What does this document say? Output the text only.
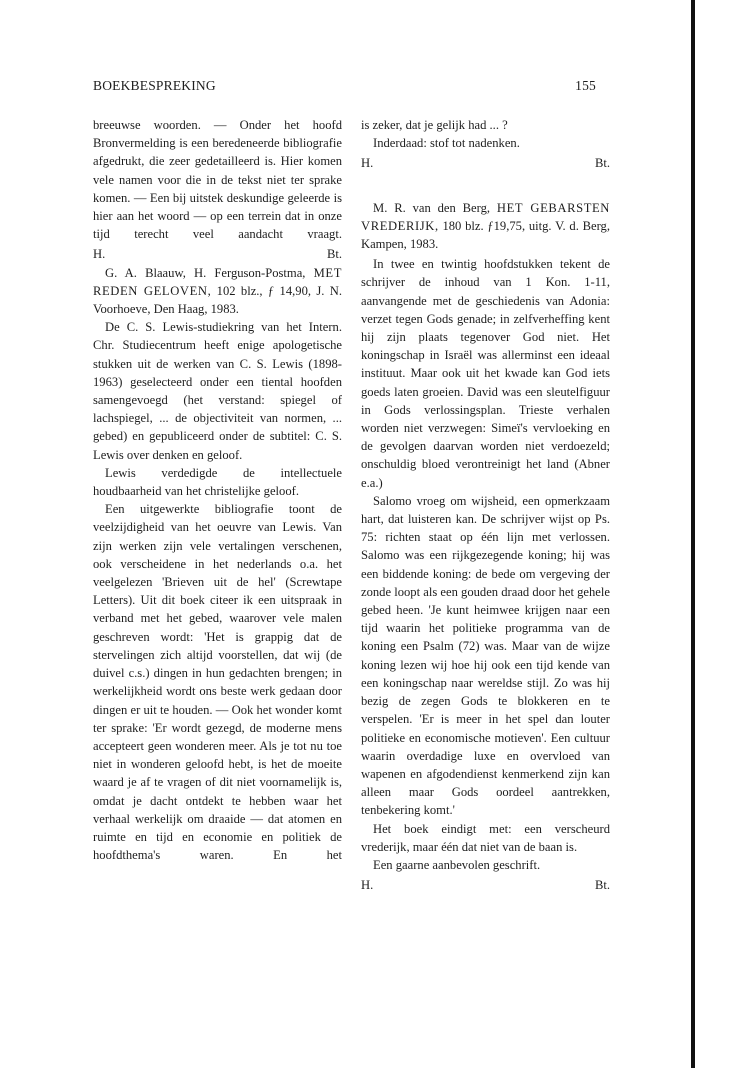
BOEKBESPREKING	155

breeuwse woorden. — Onder het hoofd Bronvermelding is een beredeneerde bibliografie afgedrukt, die zeer gedetailleerd is. Hier komen vele namen voor die in de tekst niet ter sprake komen. — Een bij uitstek deskundige geleerde is hier aan het woord — op een terrein dat in onze tijd terecht veel aandacht vraagt.

H.	Bt.

G. A. Blaauw, H. Ferguson-Postma, MET REDEN GELOVEN, 102 blz., ƒ 14,90, J. N. Voorhoeve, Den Haag, 1983.

De C. S. Lewis-studiekring van het Intern. Chr. Studiecentrum heeft enige apologetische stukken uit de werken van C. S. Lewis (1898-1963) geselecteerd onder een tiental hoofden samengevoegd (het verstand: spiegel of lachspiegel, ... de objectiviteit van normen, ... gebed) en gepubliceerd onder de subtitel: C. S. Lewis over denken en geloof.

Lewis verdedigde de intellectuele houdbaarheid van het christelijke geloof.

Een uitgewerkte bibliografie toont de veelzijdigheid van het oeuvre van Lewis. Van zijn werken zijn vele vertalingen verschenen, ook verscheidene in het nederlands o.a. het veelgelezen 'Brieven uit de hel' (Screwtape Letters). Uit dit boek citeer ik een uitspraak in verband met het gebed, waarover vele malen geschreven wordt: 'Het is grappig dat de stervelingen zich altijd voorstellen, dat wij (de duivel c.s.) dingen in hun gedachten brengen; in werkelijkheid wordt ons beste werk gedaan door dingen er uit te houden. — Ook het wonder komt ter sprake: 'Er wordt gezegd, de moderne mens accepteert geen wonderen meer. Als je tot nu toe niet in wonderen geloofd hebt, is het de moeite waard je af te vragen of dit niet voornamelijk is, omdat je dacht ontdekt te hebben waar het verhaal werkelijk om draaide — dat atomen en ruimte en tijd en economie en politiek de hoofdthema's waren. En het

is zeker, dat je gelijk had ... ?

Inderdaad: stof tot nadenken.

H.	Bt.

M. R. van den Berg, HET GEBARSTEN VREDERIJK, 180 blz. ƒ19,75, uitg. V. d. Berg, Kampen, 1983.

In twee en twintig hoofdstukken tekent de schrijver de inhoud van 1 Kon. 1-11, aanvangende met de geschiedenis van Adonia: verzet tegen Gods genade; in zelfverheffing kent hij zijn plaats tegenover God niet. Het koningschap in Israël was allerminst een ideaal instituut. Maar ook uit het kwade kan God iets goeds laten groeien. David was een sleutelfiguur in Gods verlossingsplan. Trieste verhalen worden niet verzwegen: Simeï's vervloeking en de gevolgen daarvan worden niet verdoezeld; onschuldig bloed verontreinigt het land (Abner e.a.)

Salomo vroeg om wijsheid, een opmerkzaam hart, dat luisteren kan. De schrijver wijst op Ps. 75: richten staat op één lijn met verlossen. Salomo was een rijkgezegende koning; hij was een biddende koning: de bede om vergeving der zonde loopt als een gouden draad door het gehele gebed heen. 'Je kunt heimwee krijgen naar een tijd waarin het politieke programma van de koning een Psalm (72) was. Maar van de wijze koning lezen wij hoe hij ook een tijd kende van een koningschap naar wereldse stijl. Zo was hij bezig de zegen Gods te blokkeren en te verspelen. 'Er is meer in het spel dan louter politieke en economische motieven'. Een cultuur waarin overdadige luxe en overvloed van wapenen en afgodendienst kenmerkend zijn kan alleen maar Gods oordeel aantrekken, tenbekering komt.'

Het boek eindigt met: een verscheurd vrederijk, maar één dat niet van de baan is.

Een gaarne aanbevolen geschrift.

H.	Bt.
